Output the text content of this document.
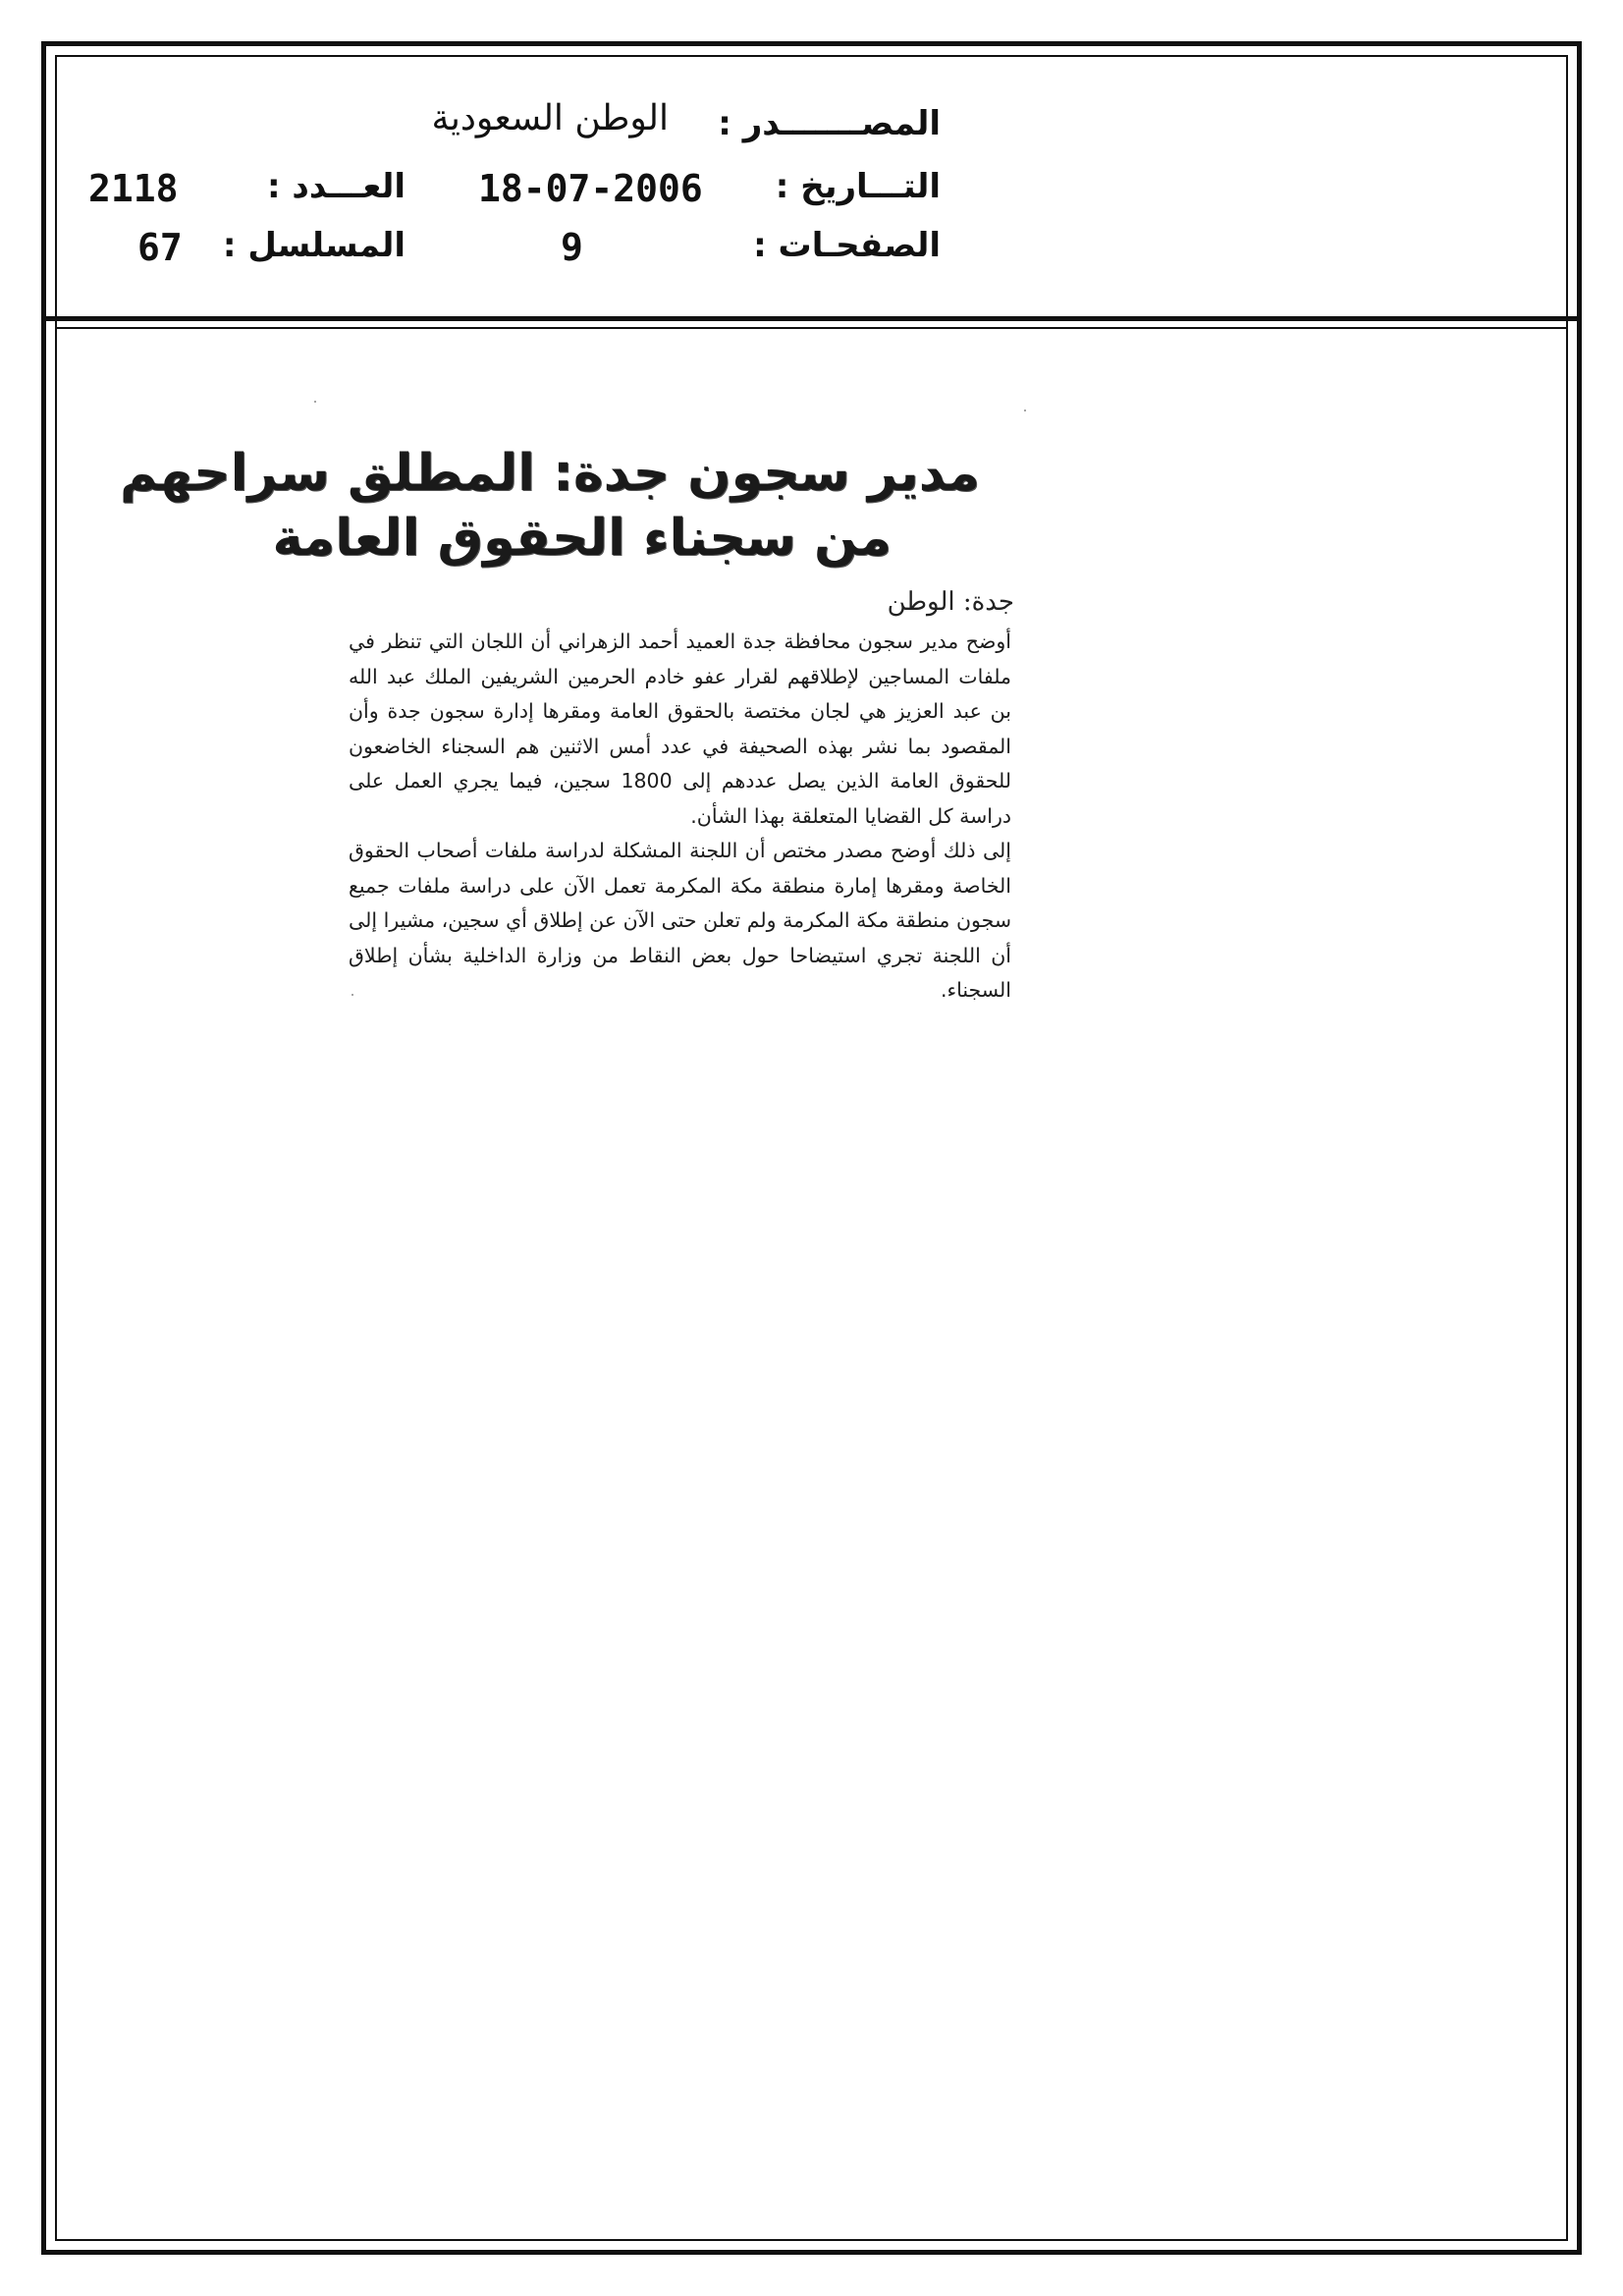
المصـــــــدر :
الوطن السعودية
التـــاريخ :
18-07-2006
العـــدد :
2118
الصفحـات :
9
المسلسل :
67
مدير سجون جدة: المطلق سراحهم
من سجناء الحقوق العامة
جدة: الوطن

أوضح مدير سجون محافظة جدة العميد أحمد الزهراني أن اللجان التي تنظر في ملفات المساجين لإطلاقهم لقرار عفو خادم الحرمين الشريفين الملك عبد الله بن عبد العزيز هي لجان مختصة بالحقوق العامة ومقرها إدارة سجون جدة وأن المقصود بما نشر بهذه الصحيفة في عدد أمس الاثنين هم السجناء الخاضعون للحقوق العامة الذين يصل عددهم إلى 1800 سجين، فيما يجري العمل على دراسة كل القضايا المتعلقة بهذا الشأن.

إلى ذلك أوضح مصدر مختص أن اللجنة المشكلة لدراسة ملفات أصحاب الحقوق الخاصة ومقرها إمارة منطقة مكة المكرمة تعمل الآن على دراسة ملفات جميع سجون منطقة مكة المكرمة ولم تعلن حتى الآن عن إطلاق أي سجين، مشيرا إلى أن اللجنة تجري استيضاحا حول بعض النقاط من وزارة الداخلية بشأن إطلاق السجناء.
